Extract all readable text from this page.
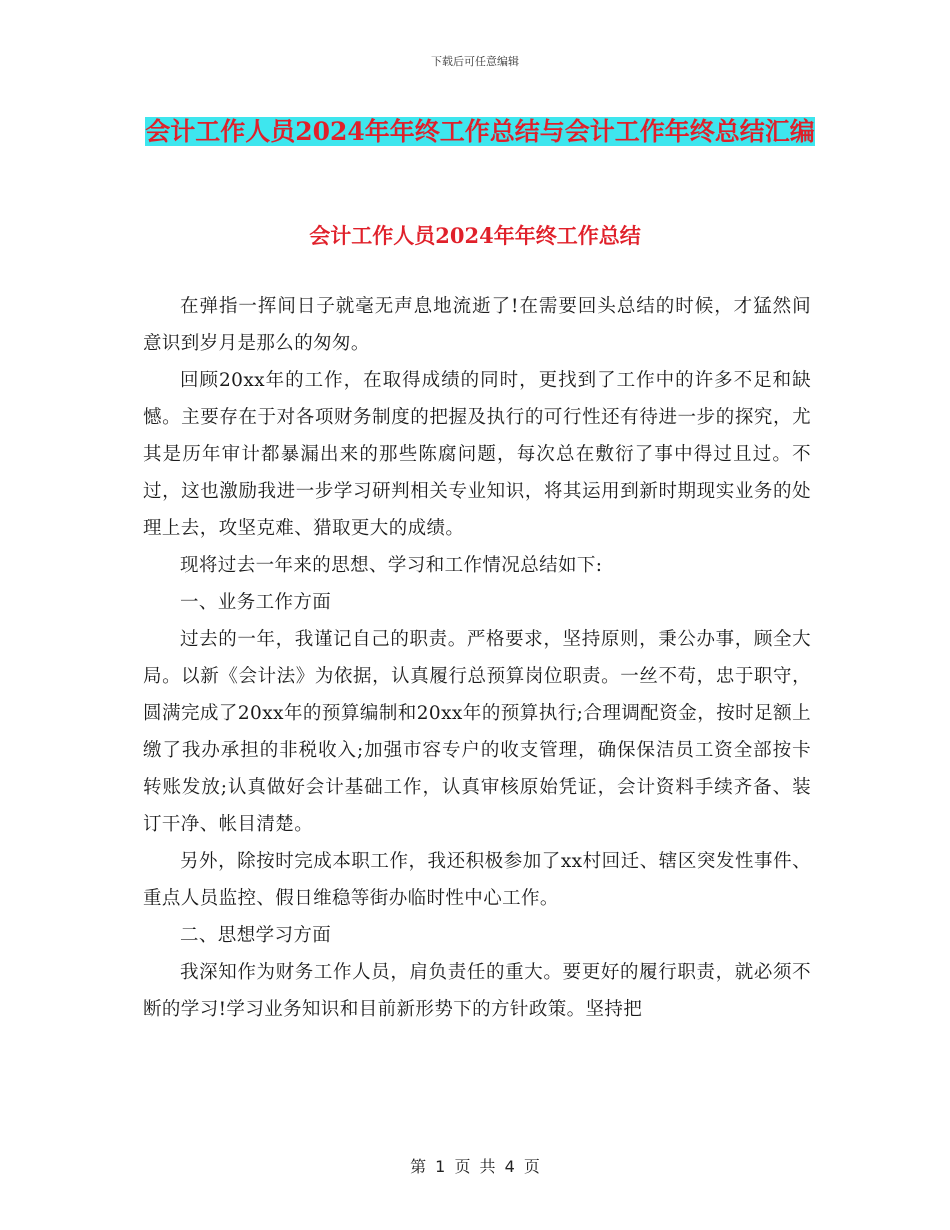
下载后可任意编辑
会计工作人员2024年年终工作总结与会计工作年终总结汇编
会计工作人员2024年年终工作总结

在弹指一挥间日子就毫无声息地流逝了!在需要回头总结的时候，才猛然间意识到岁月是那么的匆匆。

回顾20xx年的工作，在取得成绩的同时，更找到了工作中的许多不足和缺憾。主要存在于对各项财务制度的把握及执行的可行性还有待进一步的探究，尤其是历年审计都暴漏出来的那些陈腐问题，每次总在敷衍了事中得过且过。不过，这也激励我进一步学习研判相关专业知识，将其运用到新时期现实业务的处理上去，攻坚克难、猎取更大的成绩。

现将过去一年来的思想、学习和工作情况总结如下:

一、业务工作方面

过去的一年，我谨记自己的职责。严格要求，坚持原则，秉公办事，顾全大局。以新《会计法》为依据，认真履行总预算岗位职责。一丝不苟，忠于职守，圆满完成了20xx年的预算编制和20xx年的预算执行;合理调配资金，按时足额上缴了我办承担的非税收入;加强市容专户的收支管理，确保保洁员工资全部按卡转账发放;认真做好会计基础工作，认真审核原始凭证，会计资料手续齐备、装订干净、帐目清楚。

另外，除按时完成本职工作，我还积极参加了xx村回迁、辖区突发性事件、重点人员监控、假日维稳等街办临时性中心工作。

二、思想学习方面

我深知作为财务工作人员，肩负责任的重大。要更好的履行职责，就必须不断的学习!学习业务知识和目前新形势下的方针政策。坚持把

第 1 页 共 4 页
